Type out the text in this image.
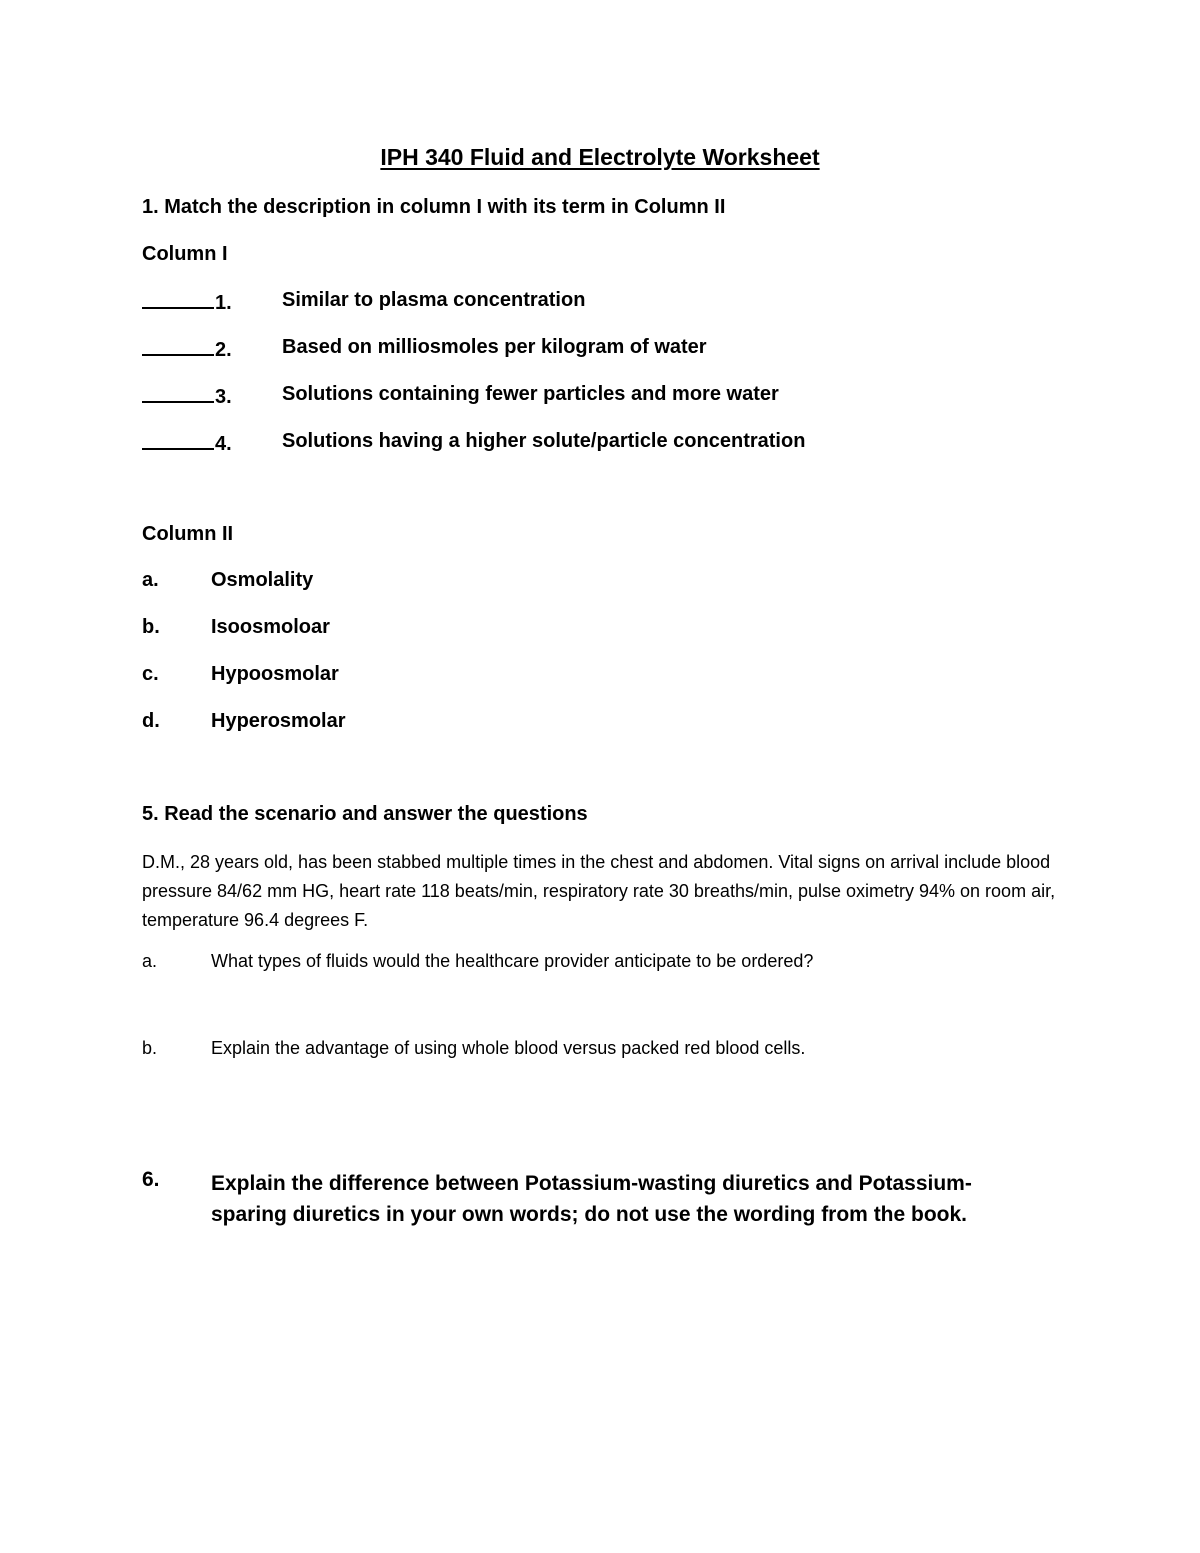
IPH 340 Fluid and Electrolyte Worksheet
1. Match the description in column I with its term in Column II
Column I
1.	Similar to plasma concentration
2.	Based on milliosmoles per kilogram of water
3.	Solutions containing fewer particles and more water
4.	Solutions having a higher solute/particle concentration
Column II
a.	Osmolality
b.	Isoosmoloar
c.	Hypoosmolar
d.	Hyperosmolar
5. Read the scenario and answer the questions
D.M., 28 years old, has been stabbed multiple times in the chest and abdomen. Vital signs on arrival include blood pressure 84/62 mm HG, heart rate 118 beats/min, respiratory rate 30 breaths/min, pulse oximetry 94% on room air, temperature 96.4 degrees F.
a.	What types of fluids would the healthcare provider anticipate to be ordered?
b.	Explain the advantage of using whole blood versus packed red blood cells.
6. Explain the difference between Potassium-wasting diuretics and Potassium-sparing diuretics in your own words; do not use the wording from the book.
